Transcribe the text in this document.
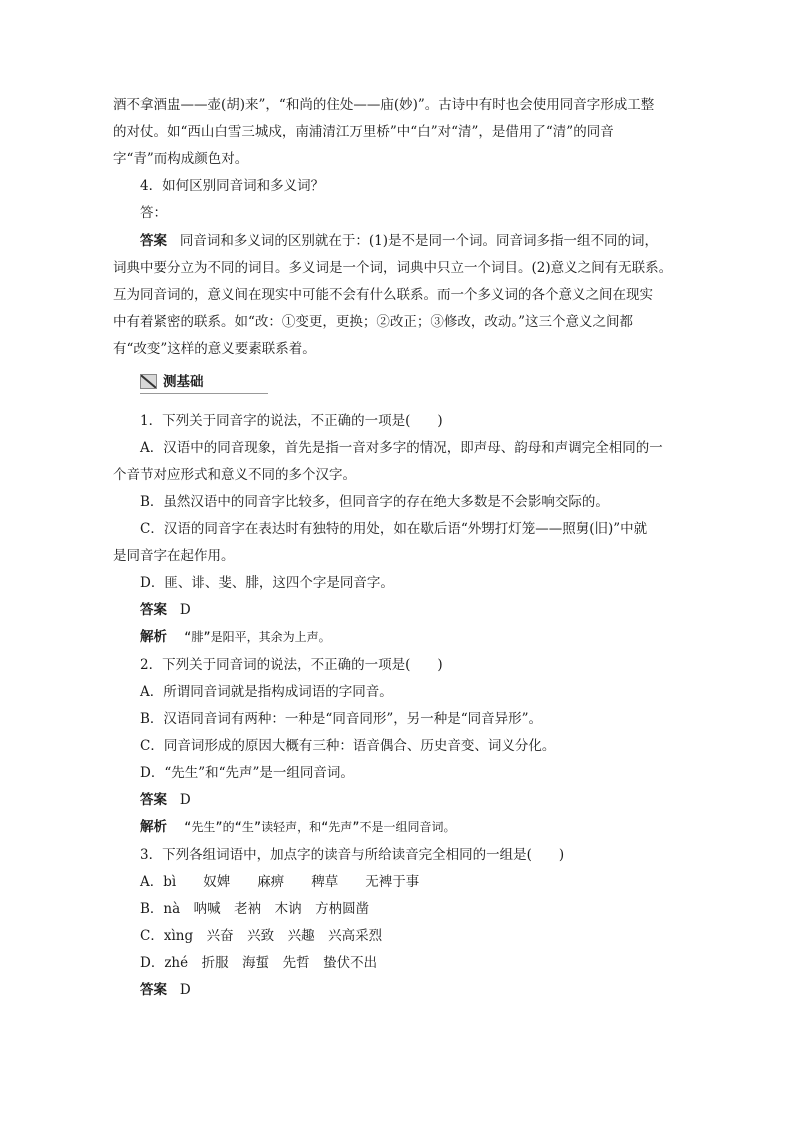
酒不拿酒盅——壶(胡)来”，“和尚的住处——庙(妙)”。古诗中有时也会使用同音字形成工整
的对仗。如“西山白雪三城戍，南浦清江万里桥”中“白”对“清”，是借用了“清”的同音
字“青”而构成颜色对。
4．如何区别同音词和多义词？
答：
答案 同音词和多义词的区别就在于：(1)是不是同一个词。同音词多指一组不同的词，
词典中要分立为不同的词目。多义词是一个词，词典中只立一个词目。(2)意义之间有无联系。
互为同音词的，意义间在现实中可能不会有什么联系。而一个多义词的各个意义之间在现实
中有着紧密的联系。如“改：①变更，更换；②改正；③修改，改动。”这三个意义之间都
有“改变”这样的意义要素联系着。
测基础
1．下列关于同音字的说法，不正确的一项是(　　)
A．汉语中的同音现象，首先是指一音对多字的情况，即声母、韵母和声调完全相同的一
个音节对应形式和意义不同的多个汉字。
B．虽然汉语中的同音字比较多，但同音字的存在绝大多数是不会影响交际的。
C．汉语的同音字在表达时有独特的用处，如在歇后语“外甥打灯笼——照舅(旧)”中就
是同音字在起作用。
D．匪、诽、斐、腓，这四个字是同音字。
答案 D
解析 “腓”是阳平，其余为上声。
2．下列关于同音词的说法，不正确的一项是(　　)
A．所谓同音词就是指构成词语的字同音。
B．汉语同音词有两种：一种是“同音同形”，另一种是“同音异形”。
C．同音词形成的原因大概有三种：语音偶合、历史音变、词义分化。
D．“先生”和“先声”是一组同音词。
答案 D
解析 “先生”的“生”读轻声，和“先声”不是一组同音词。
3．下列各组词语中，加点字的读音与所给读音完全相同的一组是(　　)
A．bì　　奴婢　　麻痹　　稗草　　无裨于事
B．nà　呐喊　老衲　木讷　方枘圆凿
C．xìng　兴奋　兴致　兴趣　兴高采烈
D．zhé　折服　海蜇　先哲　蛰伏不出
答案 D
